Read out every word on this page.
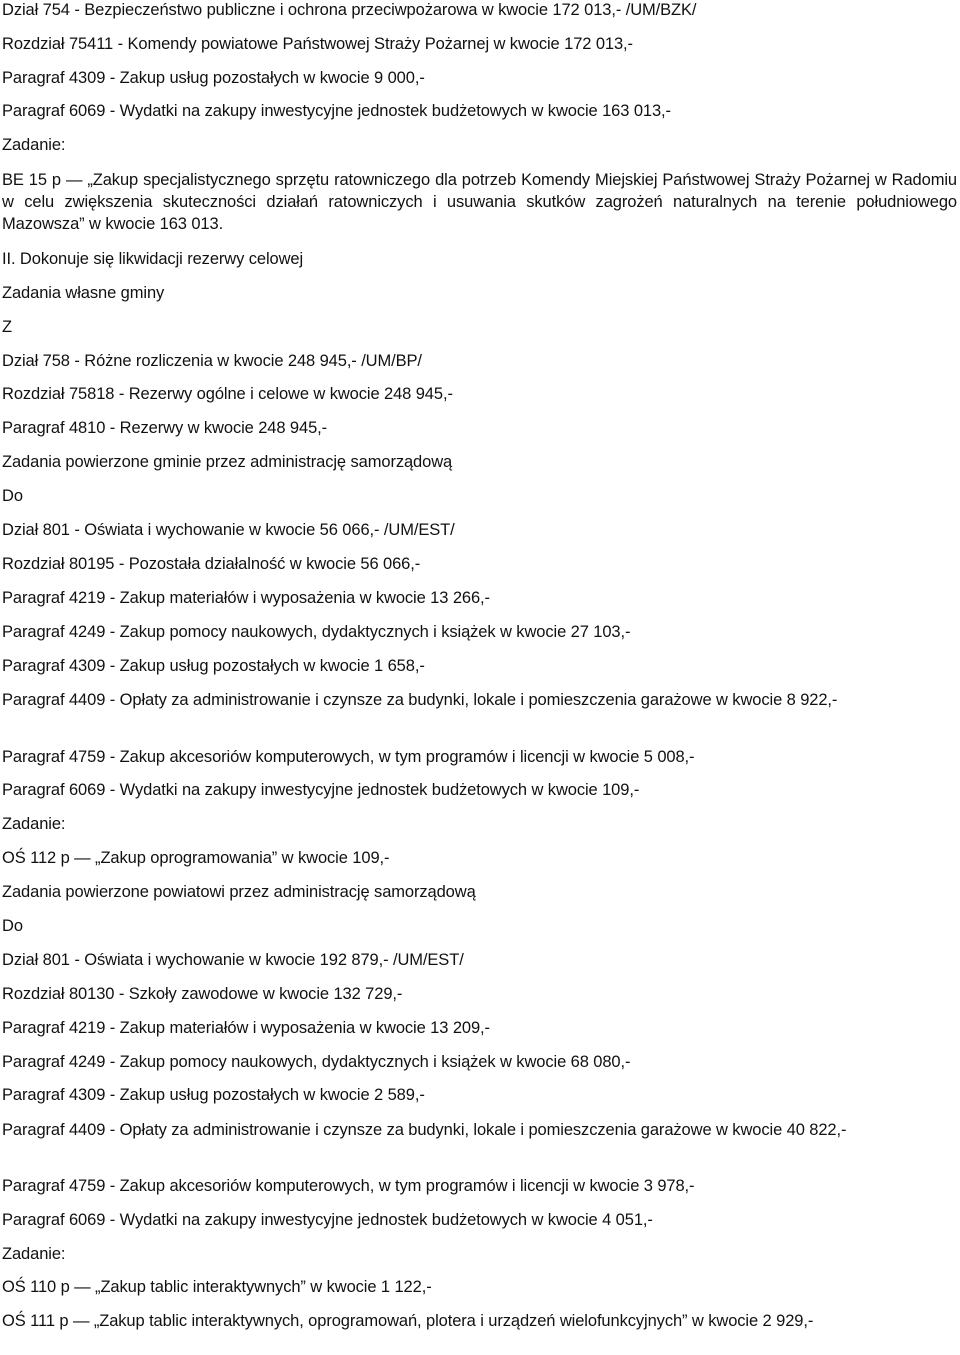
Dział 754 - Bezpieczeństwo publiczne i ochrona przeciwpożarowa w kwocie 172 013,- /UM/BZK/

Rozdział 75411 - Komendy powiatowe Państwowej Straży Pożarnej w kwocie 172 013,-

Paragraf 4309 - Zakup usług pozostałych w kwocie 9 000,-

Paragraf 6069 - Wydatki na zakupy inwestycyjne jednostek budżetowych w kwocie 163 013,-

Zadanie:

BE 15 p — „Zakup specjalistycznego sprzętu ratowniczego dla potrzeb Komendy Miejskiej Państwowej Straży Pożarnej w Radomiu w celu zwiększenia skuteczności działań ratowniczych i usuwania skutków zagrożeń naturalnych na terenie południowego Mazowsza” w kwocie 163 013.

II. Dokonuje się likwidacji rezerwy celowej

Zadania własne gminy

Z

Dział 758 - Różne rozliczenia w kwocie 248 945,- /UM/BP/

Rozdział 75818 - Rezerwy ogólne i celowe w kwocie 248 945,-

Paragraf 4810 - Rezerwy w kwocie 248 945,-

Zadania powierzone gminie przez administrację samorządową

Do

Dział 801 - Oświata i wychowanie w kwocie 56 066,- /UM/EST/

Rozdział 80195 - Pozostała działalność w kwocie 56 066,-

Paragraf 4219 - Zakup materiałów i wyposażenia w kwocie 13 266,-

Paragraf 4249 - Zakup pomocy naukowych, dydaktycznych i książek w kwocie 27 103,-

Paragraf 4309 - Zakup usług pozostałych w kwocie 1 658,-

Paragraf 4409 - Opłaty za administrowanie i czynsze za budynki, lokale i pomieszczenia garażowe w kwocie 8 922,-

Paragraf 4759 - Zakup akcesoriów komputerowych, w tym programów i licencji w kwocie 5 008,-

Paragraf 6069 - Wydatki na zakupy inwestycyjne jednostek budżetowych w kwocie 109,-

Zadanie:

OŚ 112 p — „Zakup oprogramowania” w kwocie 109,-

Zadania powierzone powiatowi przez administrację samorządową

Do

Dział 801 - Oświata i wychowanie w kwocie 192 879,- /UM/EST/

Rozdział 80130 - Szkoły zawodowe w kwocie 132 729,-

Paragraf 4219 - Zakup materiałów i wyposażenia w kwocie 13 209,-

Paragraf 4249 - Zakup pomocy naukowych, dydaktycznych i książek w kwocie 68 080,-

Paragraf 4309 - Zakup usług pozostałych w kwocie 2 589,-

Paragraf 4409 - Opłaty za administrowanie i czynsze za budynki, lokale i pomieszczenia garażowe w kwocie 40 822,-

Paragraf 4759 - Zakup akcesoriów komputerowych, w tym programów i licencji w kwocie 3 978,-

Paragraf 6069 - Wydatki na zakupy inwestycyjne jednostek budżetowych w kwocie 4 051,-

Zadanie:

OŚ 110 p — „Zakup tablic interaktywnych” w kwocie 1 122,-

OŚ 111 p — „Zakup tablic interaktywnych, oprogramowań, plotera i urządzeń wielofunkcyjnych” w kwocie 2 929,-
